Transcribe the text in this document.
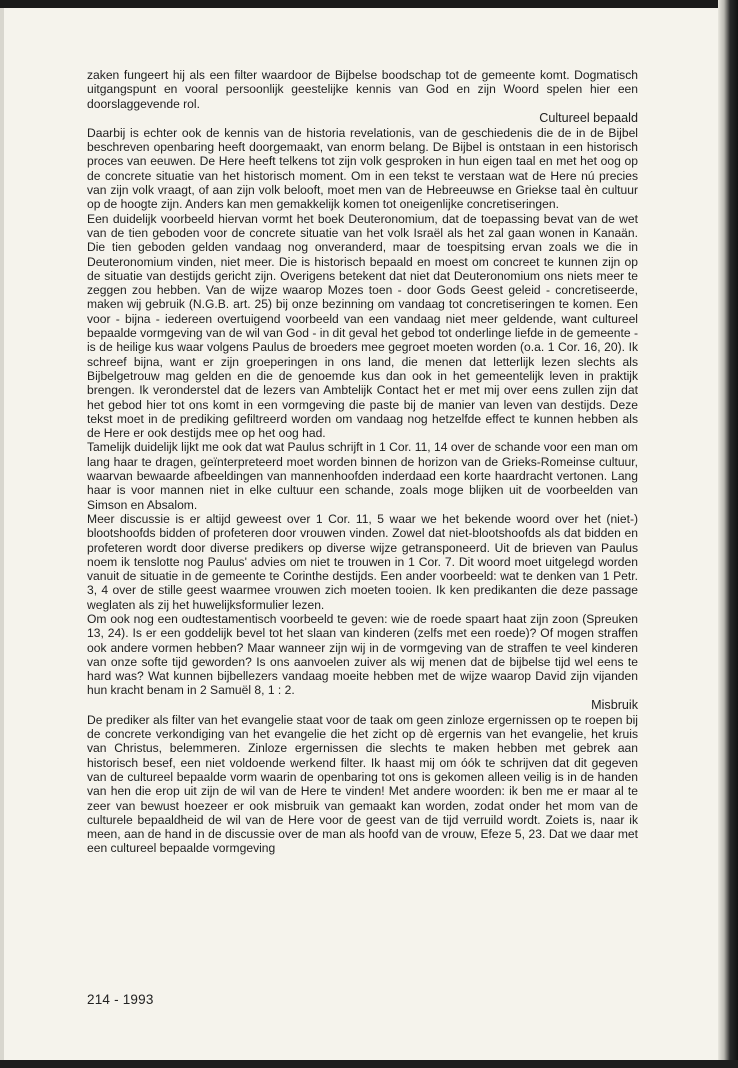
zaken fungeert hij als een filter waardoor de Bijbelse boodschap tot de gemeente komt. Dogmatisch uitgangspunt en vooral persoonlijk geestelijke kennis van God en zijn Woord spelen hier een doorslaggevende rol.

Cultureel bepaald

Daarbij is echter ook de kennis van de historia revelationis, van de geschiedenis die de in de Bijbel beschreven openbaring heeft doorgemaakt, van enorm belang. De Bijbel is ontstaan in een historisch proces van eeuwen. De Here heeft telkens tot zijn volk gesproken in hun eigen taal en met het oog op de concrete situatie van het historisch moment. Om in een tekst te verstaan wat de Here nú precies van zijn volk vraagt, of aan zijn volk belooft, moet men van de Hebreeuwse en Griekse taal èn cultuur op de hoogte zijn. Anders kan men gemakkelijk komen tot oneigenlijke concretiseringen.

Een duidelijk voorbeeld hiervan vormt het boek Deuteronomium, dat de toepassing bevat van de wet van de tien geboden voor de concrete situatie van het volk Israël als het zal gaan wonen in Kanaän. Die tien geboden gelden vandaag nog onveranderd, maar de toespitsing ervan zoals we die in Deuteronomium vinden, niet meer. Die is historisch bepaald en moest om concreet te kunnen zijn op de situatie van destijds gericht zijn. Overigens betekent dat niet dat Deuteronomium ons niets meer te zeggen zou hebben. Van de wijze waarop Mozes toen - door Gods Geest geleid - concretiseerde, maken wij gebruik (N.G.B. art. 25) bij onze bezinning om vandaag tot concretiseringen te komen. Een voor - bijna - iedereen overtuigend voorbeeld van een vandaag niet meer geldende, want cultureel bepaalde vormgeving van de wil van God - in dit geval het gebod tot onderlinge liefde in de gemeente - is de heilige kus waar volgens Paulus de broeders mee gegroet moeten worden (o.a. 1 Cor. 16, 20). Ik schreef bijna, want er zijn groeperingen in ons land, die menen dat letterlijk lezen slechts als Bijbelgetrouw mag gelden en die de genoemde kus dan ook in het gemeentelijk leven in praktijk brengen. Ik veronderstel dat de lezers van Ambtelijk Contact het er met mij over eens zullen zijn dat het gebod hier tot ons komt in een vormgeving die paste bij de manier van leven van destijds. Deze tekst moet in de prediking gefiltreerd worden om vandaag nog hetzelfde effect te kunnen hebben als de Here er ook destijds mee op het oog had.

Tamelijk duidelijk lijkt me ook dat wat Paulus schrijft in 1 Cor. 11, 14 over de schande voor een man om lang haar te dragen, geïnterpreteerd moet worden binnen de horizon van de Grieks-Romeinse cultuur, waarvan bewaarde afbeeldingen van mannenhoofden inderdaad een korte haardracht vertonen. Lang haar is voor mannen niet in elke cultuur een schande, zoals moge blijken uit de voorbeelden van Simson en Absalom.

Meer discussie is er altijd geweest over 1 Cor. 11, 5 waar we het bekende woord over het (niet-) blootshoofds bidden of profeteren door vrouwen vinden. Zowel dat niet-blootshoofds als dat bidden en profeteren wordt door diverse predikers op diverse wijze getransponeerd. Uit de brieven van Paulus noem ik tenslotte nog Paulus' advies om niet te trouwen in 1 Cor. 7. Dit woord moet uitgelegd worden vanuit de situatie in de gemeente te Corinthe destijds. Een ander voorbeeld: wat te denken van 1 Petr. 3, 4 over de stille geest waarmee vrouwen zich moeten tooien. Ik ken predikanten die deze passage weglaten als zij het huwelijksformulier lezen.

Om ook nog een oudtestamentisch voorbeeld te geven: wie de roede spaart haat zijn zoon (Spreuken 13, 24). Is er een goddelijk bevel tot het slaan van kinderen (zelfs met een roede)? Of mogen straffen ook andere vormen hebben? Maar wanneer zijn wij in de vormgeving van de straffen te veel kinderen van onze softe tijd geworden? Is ons aanvoelen zuiver als wij menen dat de bijbelse tijd wel eens te hard was? Wat kunnen bijbellezers vandaag moeite hebben met de wijze waarop David zijn vijanden hun kracht benam in 2 Samuël 8, 1 : 2.

Misbruik

De prediker als filter van het evangelie staat voor de taak om geen zinloze ergernissen op te roepen bij de concrete verkondiging van het evangelie die het zicht op dè ergernis van het evangelie, het kruis van Christus, belemmeren. Zinloze ergernissen die slechts te maken hebben met gebrek aan historisch besef, een niet voldoende werkend filter. Ik haast mij om óók te schrijven dat dit gegeven van de cultureel bepaalde vorm waarin de openbaring tot ons is gekomen alleen veilig is in de handen van hen die erop uit zijn de wil van de Here te vinden! Met andere woorden: ik ben me er maar al te zeer van bewust hoezeer er ook misbruik van gemaakt kan worden, zodat onder het mom van de culturele bepaaldheid de wil van de Here voor de geest van de tijd verruild wordt. Zoiets is, naar ik meen, aan de hand in de discussie over de man als hoofd van de vrouw, Efeze 5, 23. Dat we daar met een cultureel bepaalde vormgeving

214 - 1993
